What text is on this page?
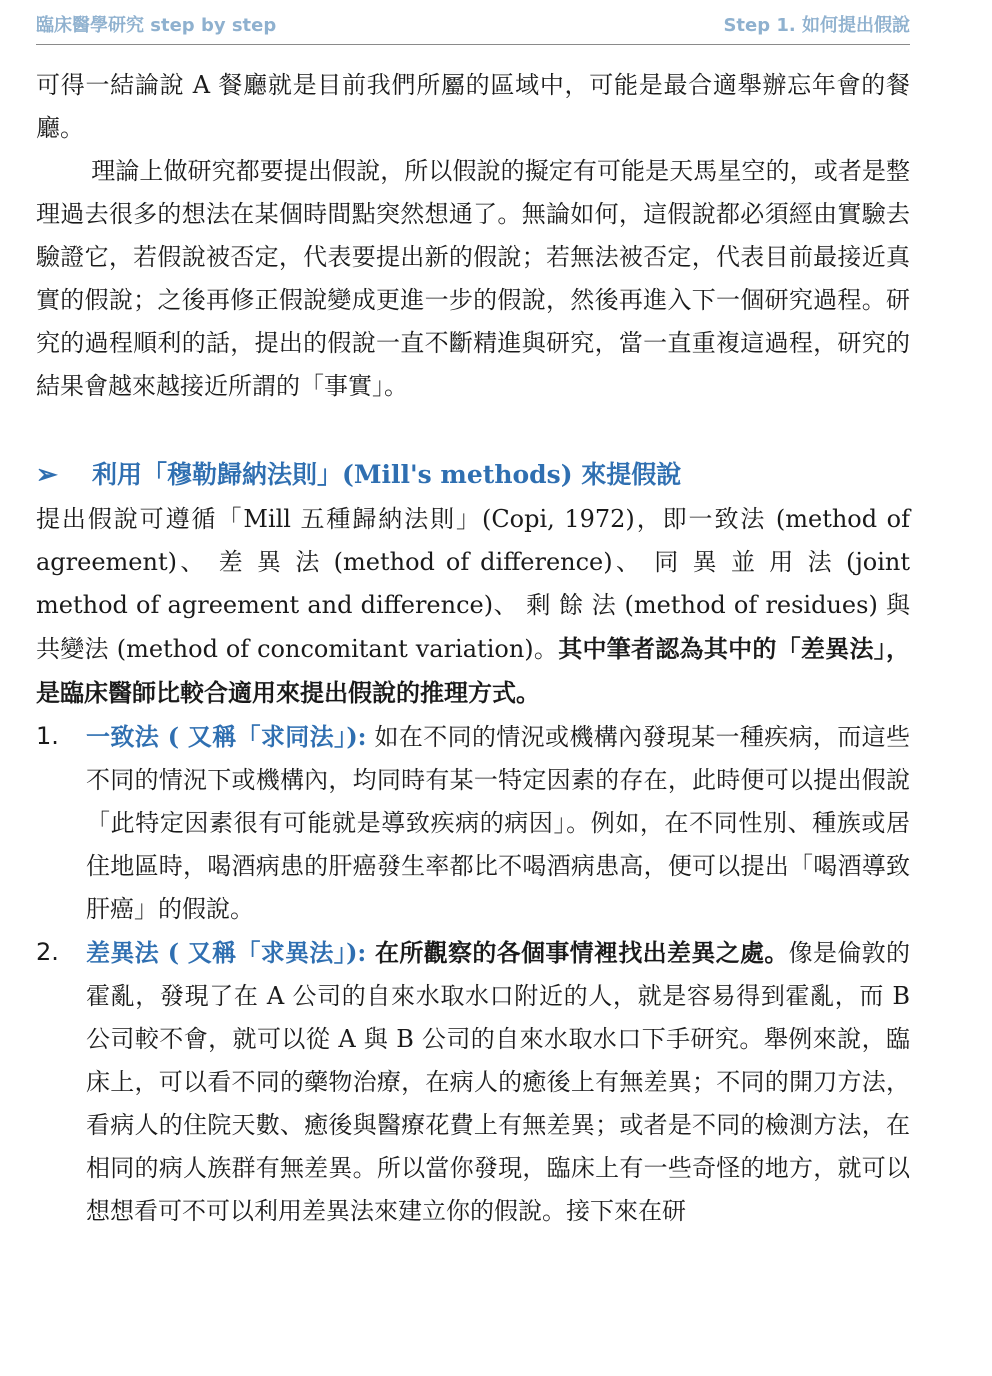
臨床醫學研究 step by step	Step 1. 如何提出假說

可得一結論說 A 餐廳就是目前我們所屬的區域中，可能是最合適舉辦忘年會的餐廳。

理論上做研究都要提出假說，所以假說的擬定有可能是天馬星空的，或者是整理過去很多的想法在某個時間點突然想通了。無論如何，這假說都必須經由實驗去驗證它，若假說被否定，代表要提出新的假說；若無法被否定，代表目前最接近真實的假說；之後再修正假說變成更進一步的假說，然後再進入下一個研究過程。研究的過程順利的話，提出的假說一直不斷精進與研究，當一直重複這過程，研究的結果會越來越接近所謂的「事實」。

➢	利用「穆勒歸納法則」(Mill's methods) 來提假說

提出假說可遵循「Mill 五種歸納法則」(Copi, 1972)，即一致法 (method of agreement)、 差 異 法 (method of difference)、 同 異 並 用 法 (joint method of agreement and difference)、 剩 餘 法 (method of residues) 與共變法 (method of concomitant variation)。其中筆者認為其中的「差異法」，是臨床醫師比較合適用來提出假說的推理方式。

1.	一致法 ( 又稱「求同法」): 如在不同的情況或機構內發現某一種疾病，而這些不同的情況下或機構內，均同時有某一特定因素的存在，此時便可以提出假說「此特定因素很有可能就是導致疾病的病因」。例如，在不同性別、種族或居住地區時，喝酒病患的肝癌發生率都比不喝酒病患高，便可以提出「喝酒導致肝癌」的假說。
2.	差異法 ( 又稱「求異法」): 在所觀察的各個事情裡找出差異之處。像是倫敦的霍亂，發現了在 A 公司的自來水取水口附近的人，就是容易得到霍亂，而 B 公司較不會，就可以從 A 與 B 公司的自來水取水口下手研究。舉例來說，臨床上，可以看不同的藥物治療，在病人的癒後上有無差異；不同的開刀方法，看病人的住院天數、癒後與醫療花費上有無差異；或者是不同的檢測方法，在相同的病人族群有無差異。所以當你發現，臨床上有一些奇怪的地方，就可以想想看可不可以利用差異法來建立你的假說。接下來在研
